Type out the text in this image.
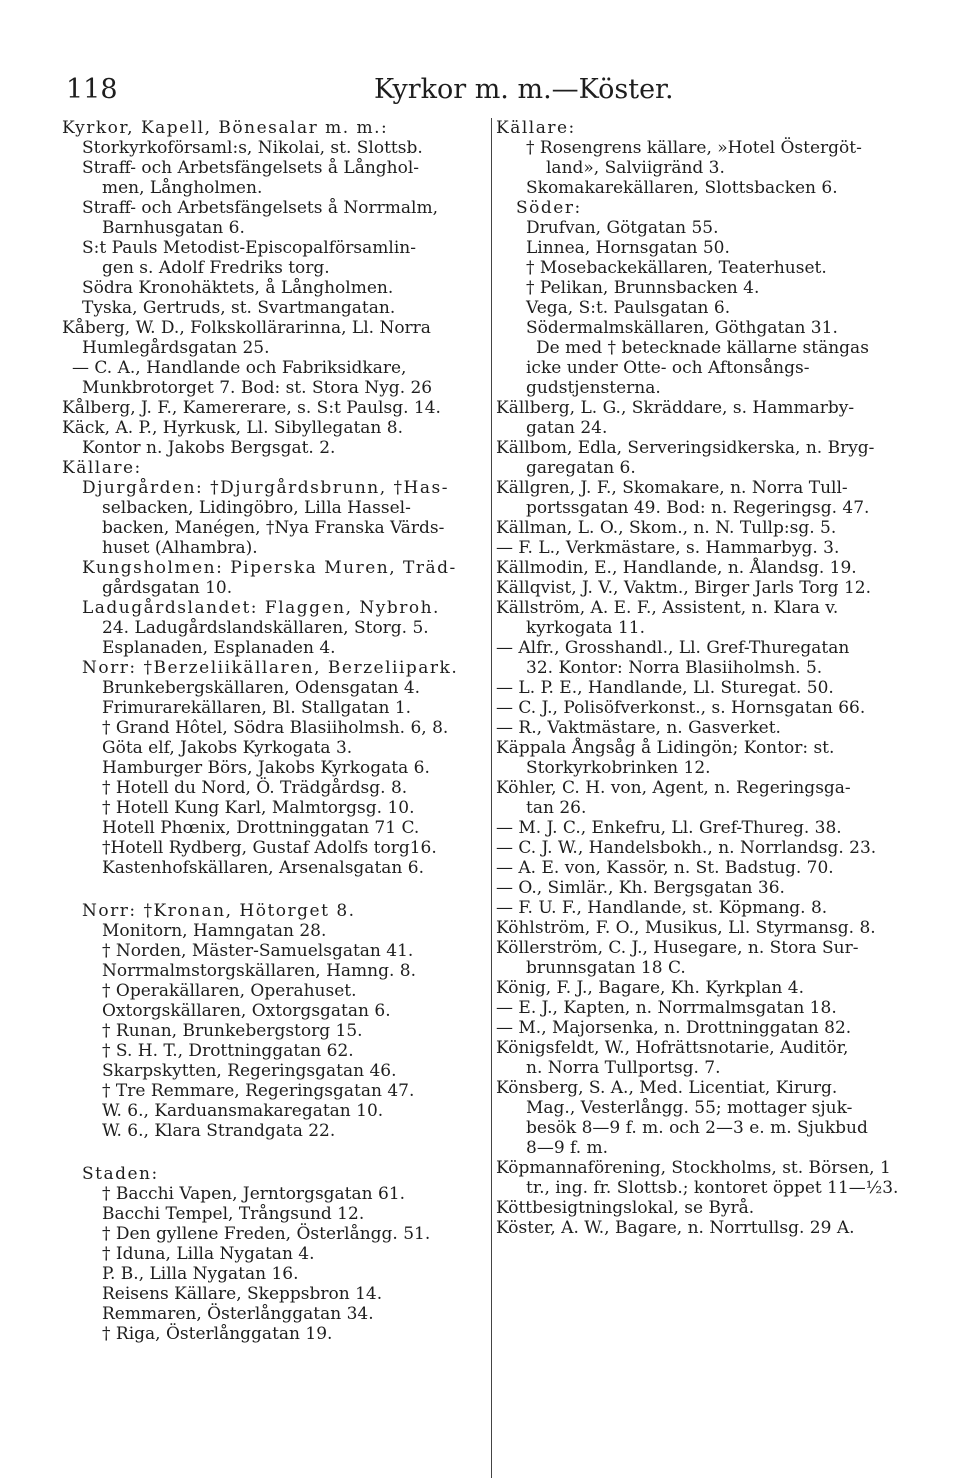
118	Kyrkor m. m.—Köster.
Kyrkor, Kapell, Bönesalar m. m.:
Storkyrkoförsaml:s, Nikolai, st. Slottsb.
Straff- och Arbetsfängelsets å Långhol-
men, Långholmen.
Straff- och Arbetsfängelsets å Norrmalm,
Barnhusgatan 6.
S:t Pauls Metodist-Episcopalförsamlin-
gen s. Adolf Fredriks torg.
Södra Kronohäktets, å Långholmen.
Tyska, Gertruds, st. Svartmangatan.
Kåberg, W. D., Folkskollärarinna, Ll. Norra
Humlegårdsgatan 25.
— C. A., Handlande och Fabriksidkare,
Munkbrotorget 7. Bod: st. Stora Nyg. 26
Kålberg, J. F., Kamererare, s. S:t Paulsg. 14.
Käck, A. P., Hyrkusk, Ll. Sibyllegatan 8.
Kontor n. Jakobs Bergsgat. 2.
Källare:
Djurgården: †Djurgårdsbrunn, †Has-
selbacken, Lidingöbro, Lilla Hassel-
backen, Manégen, †Nya Franska Värds-
huset (Alhambra).
Kungsholmen: Piperska Muren, Träd-
gårdsgatan 10.
Ladugårdslandet: Flaggen, Nybroh.
24. Ladugårdslandskällaren, Storg. 5.
Esplanaden, Esplanaden 4.
Norr: †Berzeliikällaren, Berzeliipark.
Brunkebergskällaren, Odensgatan 4.
Frimurarekällaren, Bl. Stallgatan 1.
† Grand Hôtel, Södra Blasiiholmsh. 6, 8.
Göta elf, Jakobs Kyrkogata 3.
Hamburger Börs, Jakobs Kyrkogata 6.
† Hotell du Nord, Ö. Trädgårdsg. 8.
† Hotell Kung Karl, Malmtorgsg. 10.
Hotell Phœnix, Drottninggatan 71 C.
†Hotell Rydberg, Gustaf Adolfs torg16.
Kastenhofskällaren, Arsenalsgatan 6.
Norr: †Kronan, Hötorget 8.
Monitorn, Hamngatan 28.
† Norden, Mäster-Samuelsgatan 41.
Norrmalmstorgskällaren, Hamng. 8.
† Operakällaren, Operahuset.
Oxtorgskällaren, Oxtorgsgatan 6.
† Runan, Brunkebergstorg 15.
† S. H. T., Drottninggatan 62.
Skarpskytten, Regeringsgatan 46.
† Tre Remmare, Regeringsgatan 47.
W. 6., Karduansmakaregatan 10.
W. 6., Klara Strandgata 22.
Staden:
† Bacchi Vapen, Jerntorgsgatan 61.
Bacchi Tempel, Trångsund 12.
† Den gyllene Freden, Österlångg. 51.
† Iduna, Lilla Nygatan 4.
P. B., Lilla Nygatan 16.
Reisens Källare, Skeppsbron 14.
Remmaren, Österlånggatan 34.
† Riga, Österlånggatan 19.
Källare:
† Rosengrens källare, »Hotel Östergöt-
land», Salviigränd 3.
Skomakarekällaren, Slottsbacken 6.
Söder:
Drufvan, Götgatan 55.
Linnea, Hornsgatan 50.
† Mosebackekällaren, Teaterhuset.
† Pelikan, Brunnsbacken 4.
Vega, S:t. Paulsgatan 6.
Södermalmskällaren, Göthgatan 31.
De med † betecknade källarne stängas
icke under Otte- och Aftonsångs-
gudstjensterna.
Källberg, L. G., Skräddare, s. Hammarby-
gatan 24.
Källbom, Edla, Serveringsidkerska, n. Bryg-
garegatan 6.
Källgren, J. F., Skomakare, n. Norra Tull-
portssgatan 49. Bod: n. Regeringsg. 47.
Källman, L. O., Skom., n. N. Tullp:sg. 5.
— F. L., Verkmästare, s. Hammarbyg. 3.
Källmodin, E., Handlande, n. Ålandsg. 19.
Källqvist, J. V., Vaktm., Birger Jarls Torg 12.
Källström, A. E. F., Assistent, n. Klara v.
kyrkogata 11.
— Alfr., Grosshandl., Ll. Gref-Thuregatan
32. Kontor: Norra Blasiiholmsh. 5.
— L. P. E., Handlande, Ll. Sturegat. 50.
— C. J., Polisöfverkonst., s. Hornsgatan 66.
— R., Vaktmästare, n. Gasverket.
Käppala Ångsåg å Lidingön; Kontor: st.
Storkyrkobrinken 12.
Köhler, C. H. von, Agent, n. Regeringsga-
tan 26.
— M. J. C., Enkefru, Ll. Gref-Thureg. 38.
— C. J. W., Handelsbokh., n. Norrlandsg. 23.
— A. E. von, Kassör, n. St. Badstug. 70.
— O., Simlär., Kh. Bergsgatan 36.
— F. U. F., Handlande, st. Köpmang. 8.
Köhlström, F. O., Musikus, Ll. Styrmansg. 8.
Köllerström, C. J., Husegare, n. Stora Sur-
brunnsgatan 18 C.
König, F. J., Bagare, Kh. Kyrkplan 4.
— E. J., Kapten, n. Norrmalmsgatan 18.
— M., Majorsenka, n. Drottninggatan 82.
Königsfeldt, W., Hofrättsnotarie, Auditör,
n. Norra Tullportsg. 7.
Könsberg, S. A., Med. Licentiat, Kirurg.
Mag., Vesterlångg. 55; mottager sjuk-
besök 8—9 f. m. och 2—3 e. m. Sjukbud
8—9 f. m.
Köpmannaförening, Stockholms, st. Börsen, 1
tr., ing. fr. Slottsb.; kontoret öppet 11—½3.
Köttbesigtningslokal, se Byrå.
Köster, A. W., Bagare, n. Norrtullsg. 29 A.
